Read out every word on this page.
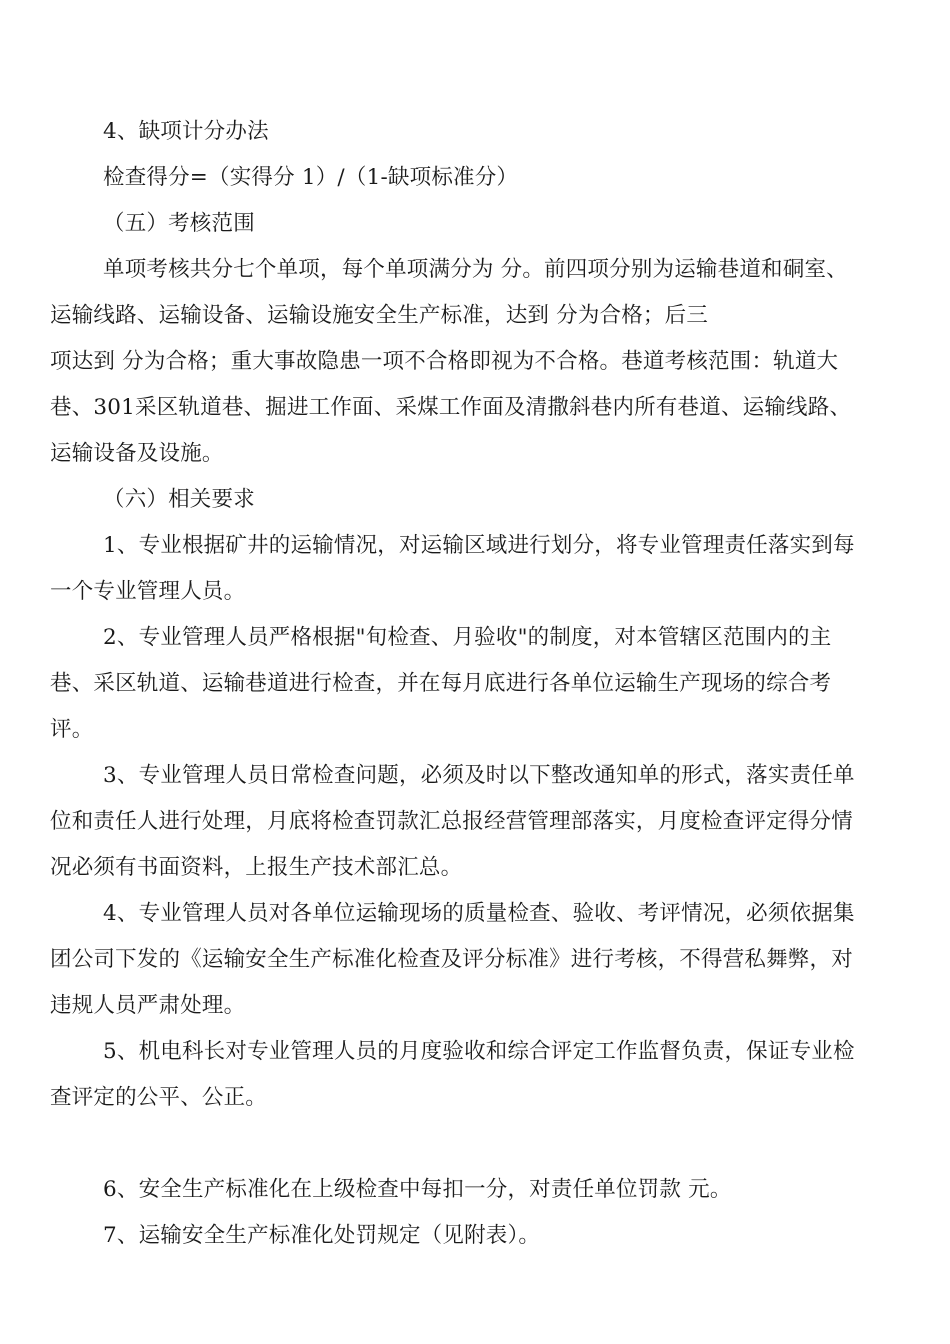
4、缺项计分办法
检查得分=（实得分 1）/（1-缺项标准分）
（五）考核范围
单项考核共分七个单项，每个单项满分为 分。前四项分别为运输巷道和硐室、
运输线路、运输设备、运输设施安全生产标准，达到 分为合格；后三
项达到 分为合格；重大事故隐患一项不合格即视为不合格。巷道考核范围：轨道大
巷、301采区轨道巷、掘进工作面、采煤工作面及清撒斜巷内所有巷道、运输线路、
运输设备及设施。
（六）相关要求
1、专业根据矿井的运输情况，对运输区域进行划分，将专业管理责任落实到每
一个专业管理人员。
2、专业管理人员严格根据"旬检查、月验收"的制度，对本管辖区范围内的主
巷、采区轨道、运输巷道进行检查，并在每月底进行各单位运输生产现场的综合考
评。
3、专业管理人员日常检查问题，必须及时以下整改通知单的形式，落实责任单
位和责任人进行处理，月底将检查罚款汇总报经营管理部落实，月度检查评定得分情
况必须有书面资料，上报生产技术部汇总。
4、专业管理人员对各单位运输现场的质量检查、验收、考评情况，必须依据集
团公司下发的《运输安全生产标准化检查及评分标准》进行考核，不得营私舞弊，对
违规人员严肃处理。
5、机电科长对专业管理人员的月度验收和综合评定工作监督负责，保证专业检
查评定的公平、公正。
6、安全生产标准化在上级检查中每扣一分，对责任单位罚款 元。
7、运输安全生产标准化处罚规定（见附表）。
